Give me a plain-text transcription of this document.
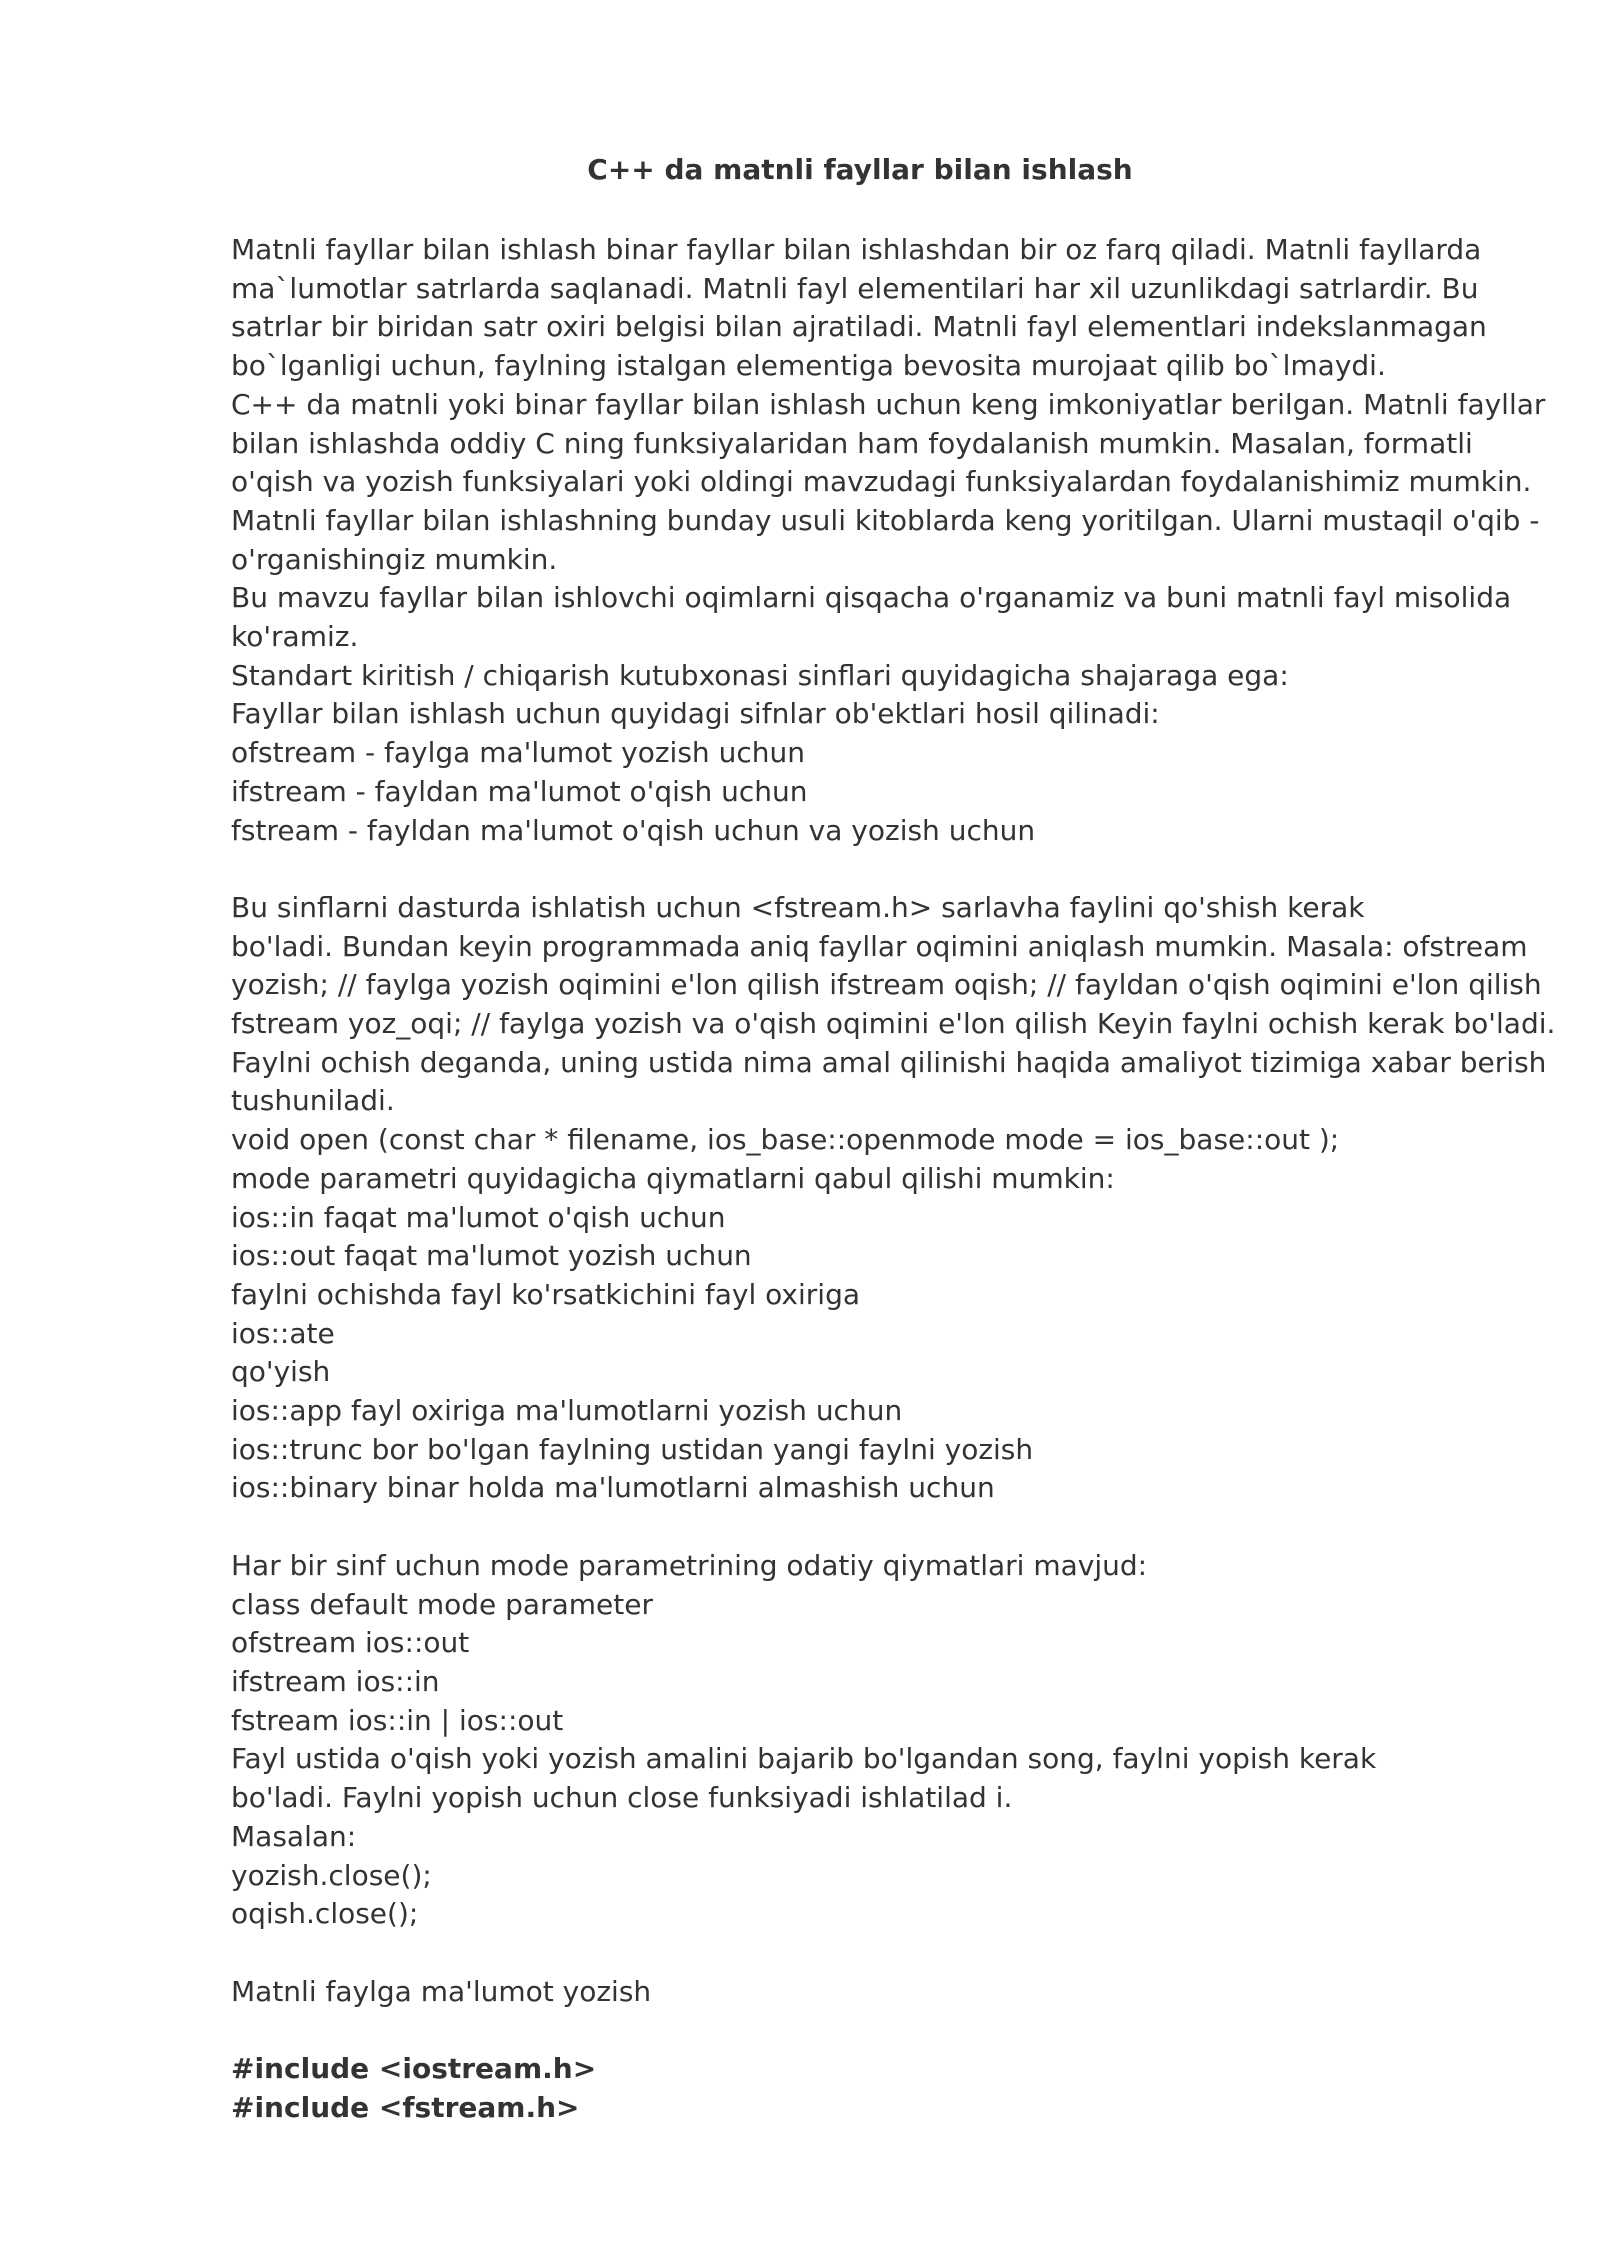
C++ da matnli fayllar bilan ishlash
Matnli fayllar bilan ishlash binar fayllar bilan ishlashdan bir oz farq qiladi. Matnli fayllarda
ma`lumotlar satrlarda saqlanadi. Matnli fayl elementilari har xil uzunlikdagi satrlardir. Bu
satrlar bir biridan satr oxiri belgisi bilan ajratiladi. Matnli fayl elementlari indekslanmagan
bo`lganligi uchun, faylning istalgan elementiga bevosita murojaat qilib bo`lmaydi.
C++ da matnli yoki binar fayllar bilan ishlash uchun keng imkoniyatlar berilgan. Matnli fayllar
bilan ishlashda oddiy C ning funksiyalaridan ham foydalanish mumkin. Masalan, formatli
o'qish va yozish funksiyalari yoki oldingi mavzudagi funksiyalardan foydalanishimiz mumkin.
Matnli fayllar bilan ishlashning bunday usuli kitoblarda keng yoritilgan. Ularni mustaqil o'qib -
o'rganishingiz mumkin.
Bu mavzu fayllar bilan ishlovchi oqimlarni qisqacha o'rganamiz va buni matnli fayl misolida
ko'ramiz.
Standart kiritish / chiqarish kutubxonasi sinflari quyidagicha shajaraga ega:
Fayllar bilan ishlash uchun quyidagi sifnlar ob'ektlari hosil qilinadi:
ofstream - faylga ma'lumot yozish uchun
ifstream - fayldan ma'lumot o'qish uchun
fstream - fayldan ma'lumot o'qish uchun va yozish uchun
Bu sinflarni dasturda ishlatish uchun <fstream.h> sarlavha faylini qo'shish kerak
bo'ladi. Bundan keyin programmada aniq fayllar oqimini aniqlash mumkin. Masala: ofstream
yozish; // faylga yozish oqimini e'lon qilish ifstream oqish; // fayldan o'qish oqimini e'lon qilish
fstream yoz_oqi; // faylga yozish va o'qish oqimini e'lon qilish Keyin faylni ochish kerak bo'ladi.
Faylni ochish deganda, uning ustida nima amal qilinishi haqida amaliyot tizimiga xabar berish
tushuniladi.
void open (const char * filename, ios_base::openmode mode = ios_base::out );
mode parametri quyidagicha qiymatlarni qabul qilishi mumkin:
ios::in faqat ma'lumot o'qish uchun
ios::out faqat ma'lumot yozish uchun
faylni ochishda fayl ko'rsatkichini fayl oxiriga
ios::ate
qo'yish
ios::app fayl oxiriga ma'lumotlarni yozish uchun
ios::trunc bor bo'lgan faylning ustidan yangi faylni yozish
ios::binary binar holda ma'lumotlarni almashish uchun
Har bir sinf uchun mode parametrining odatiy qiymatlari mavjud:
class default mode parameter
ofstream ios::out
ifstream ios::in
fstream ios::in | ios::out
Fayl ustida o'qish yoki yozish amalini bajarib bo'lgandan song, faylni yopish kerak
bo'ladi. Faylni yopish uchun close funksiyadi ishlatilad i.
Masalan:
yozish.close();
oqish.close();
Matnli faylga ma'lumot yozish
#include <iostream.h>
#include <fstream.h>
